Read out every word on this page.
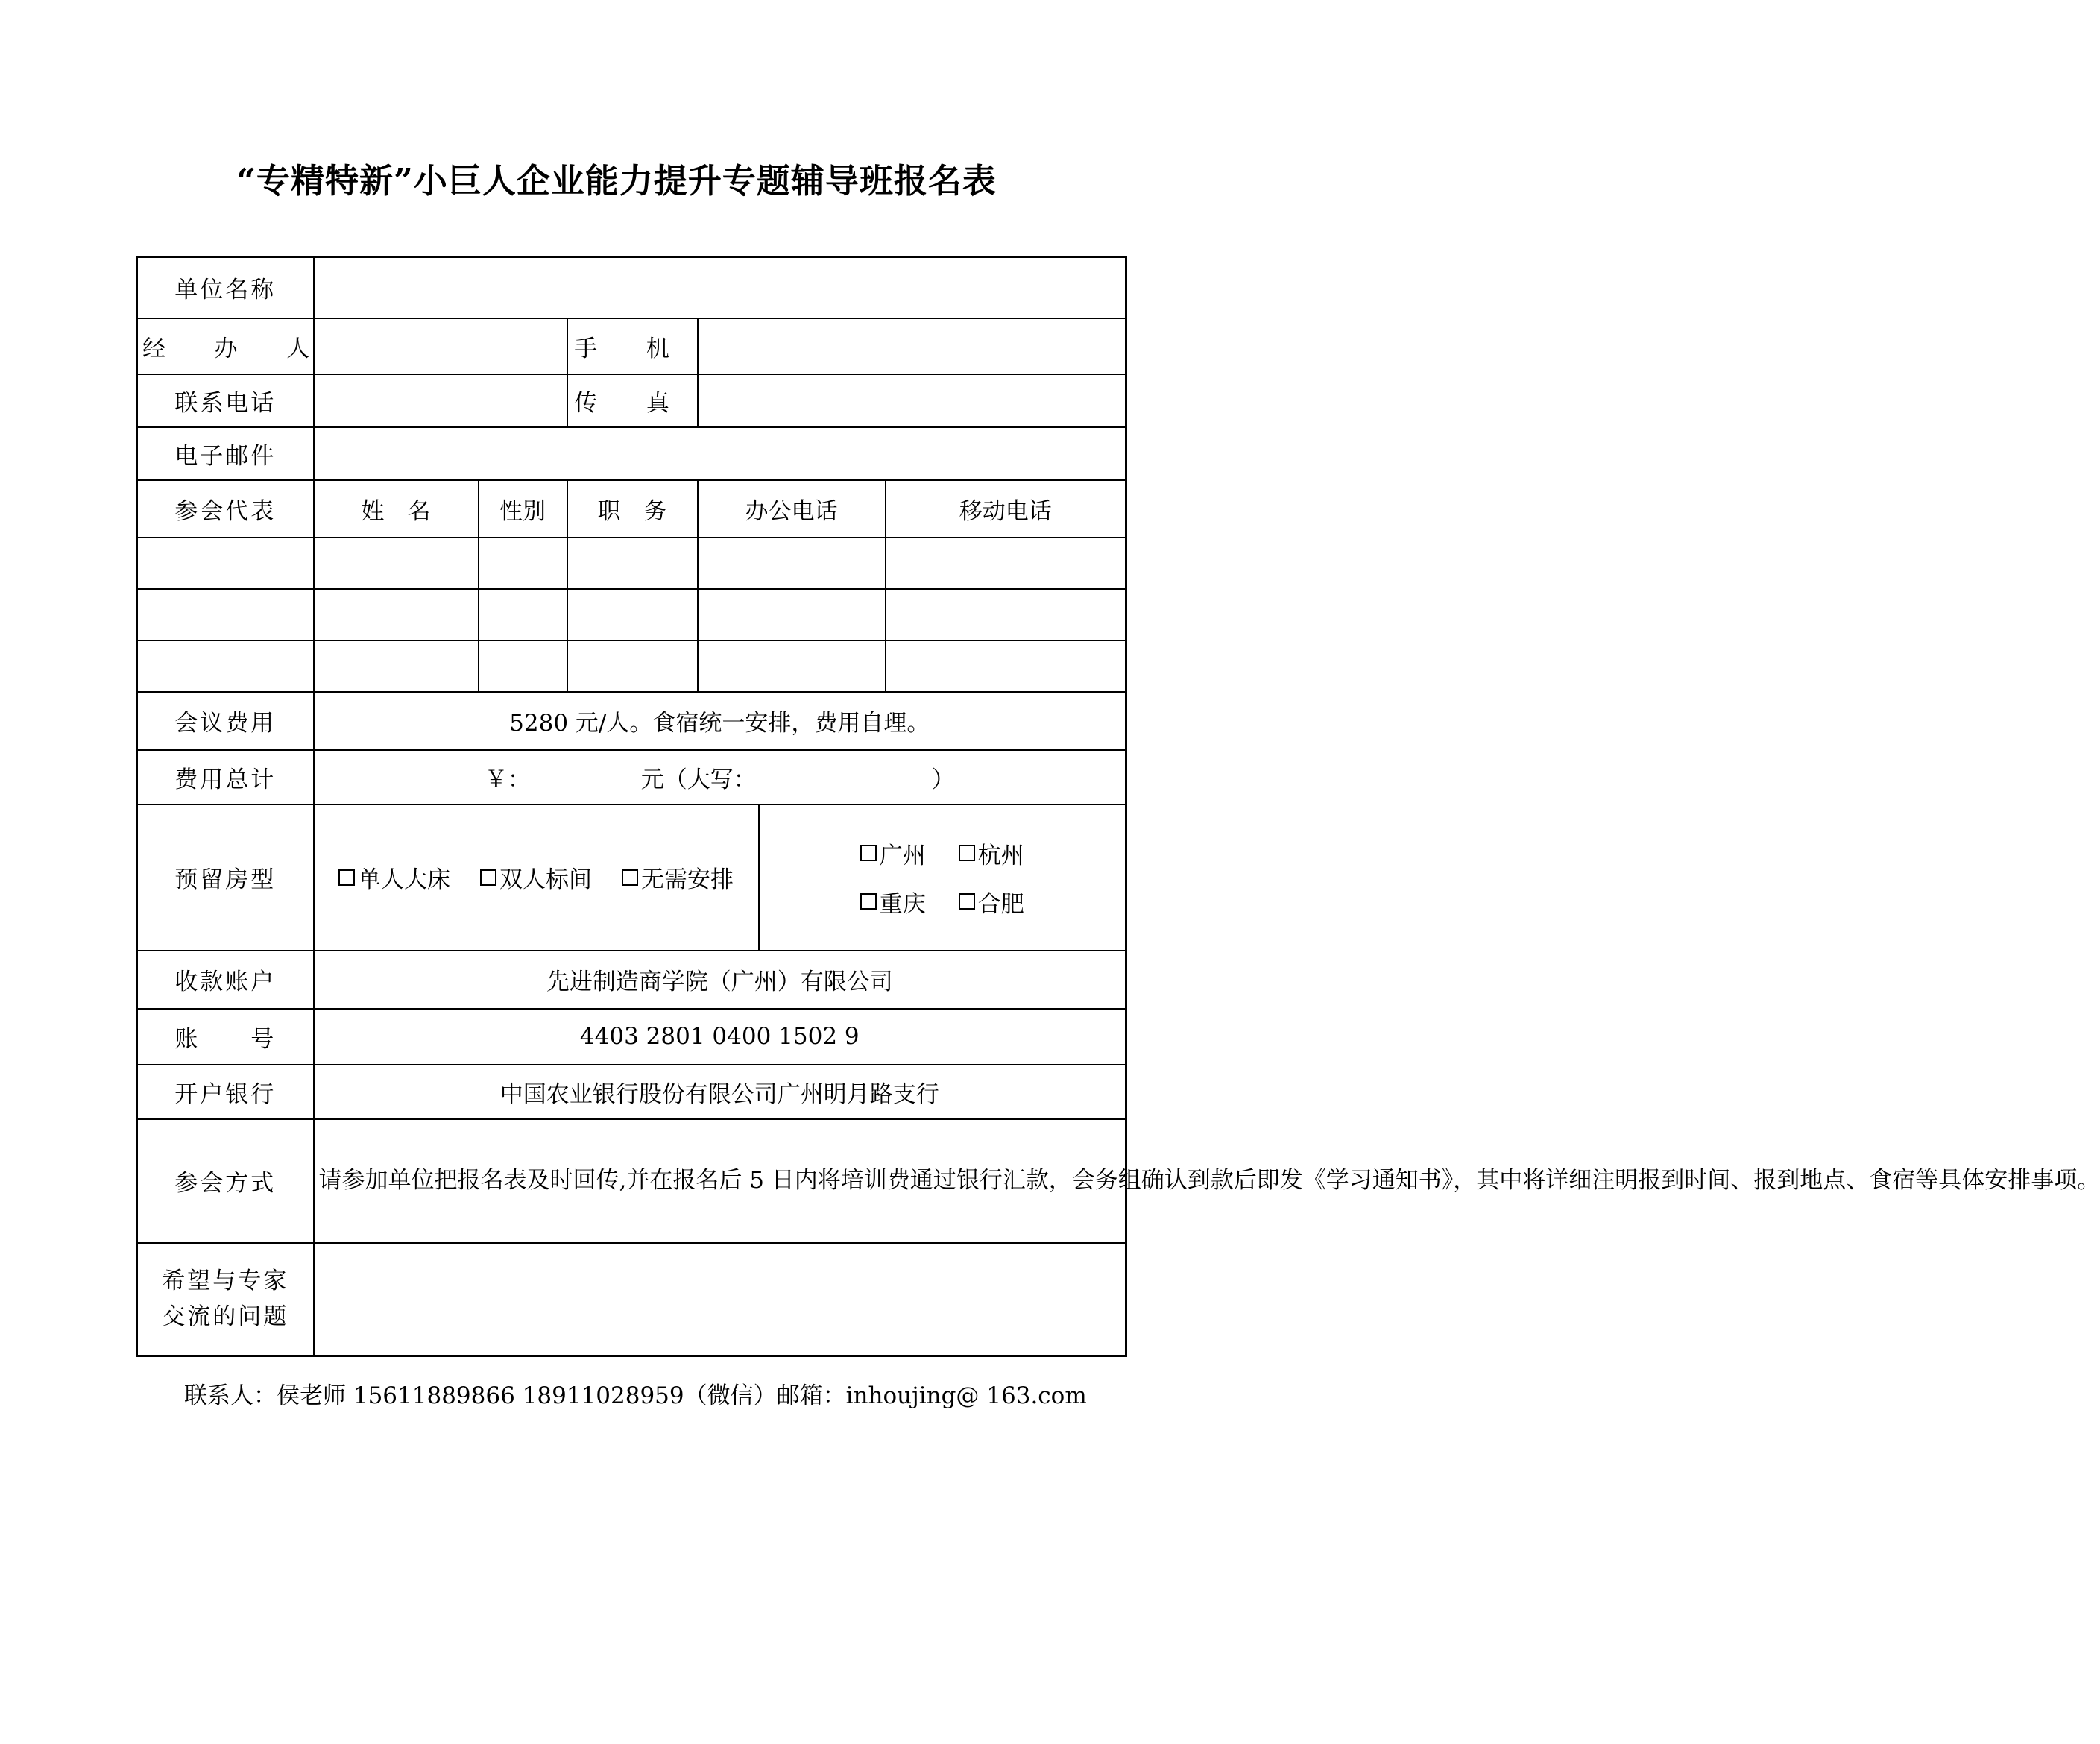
“专精特新”小巨人企业能力提升专题辅导班报名表
单位名称						
经 办 人			手 机			
联系电话			传 真			
电子邮件						
参会代表	姓　名	性别	职　务	办公电话		移动电话

会议费用	5280 元/人。食宿统一安排，费用自理。					
费用总计	￥： 元（大写： ）					
预留房型	单人大床 双人标间 无需安排				广州 杭州
重庆 合肥	

收款账户	先进制造商学院（广州）有限公司					
账　　号	4403 2801 0400 1502 9					
开户银行	中国农业银行股份有限公司广州明月路支行					
参会方式	请参加单位把报名表及时回传,并在报名后 5 日内将培训费通过银行汇款，会务组确认到款后即发《学习通知书》，其中将详细注明报到时间、报到地点、食宿等具体安排事项。					

希望与专家
交流的问题						

联系人：侯老师 15611889866 18911028959（微信）邮箱：inhoujing@ 163.com
